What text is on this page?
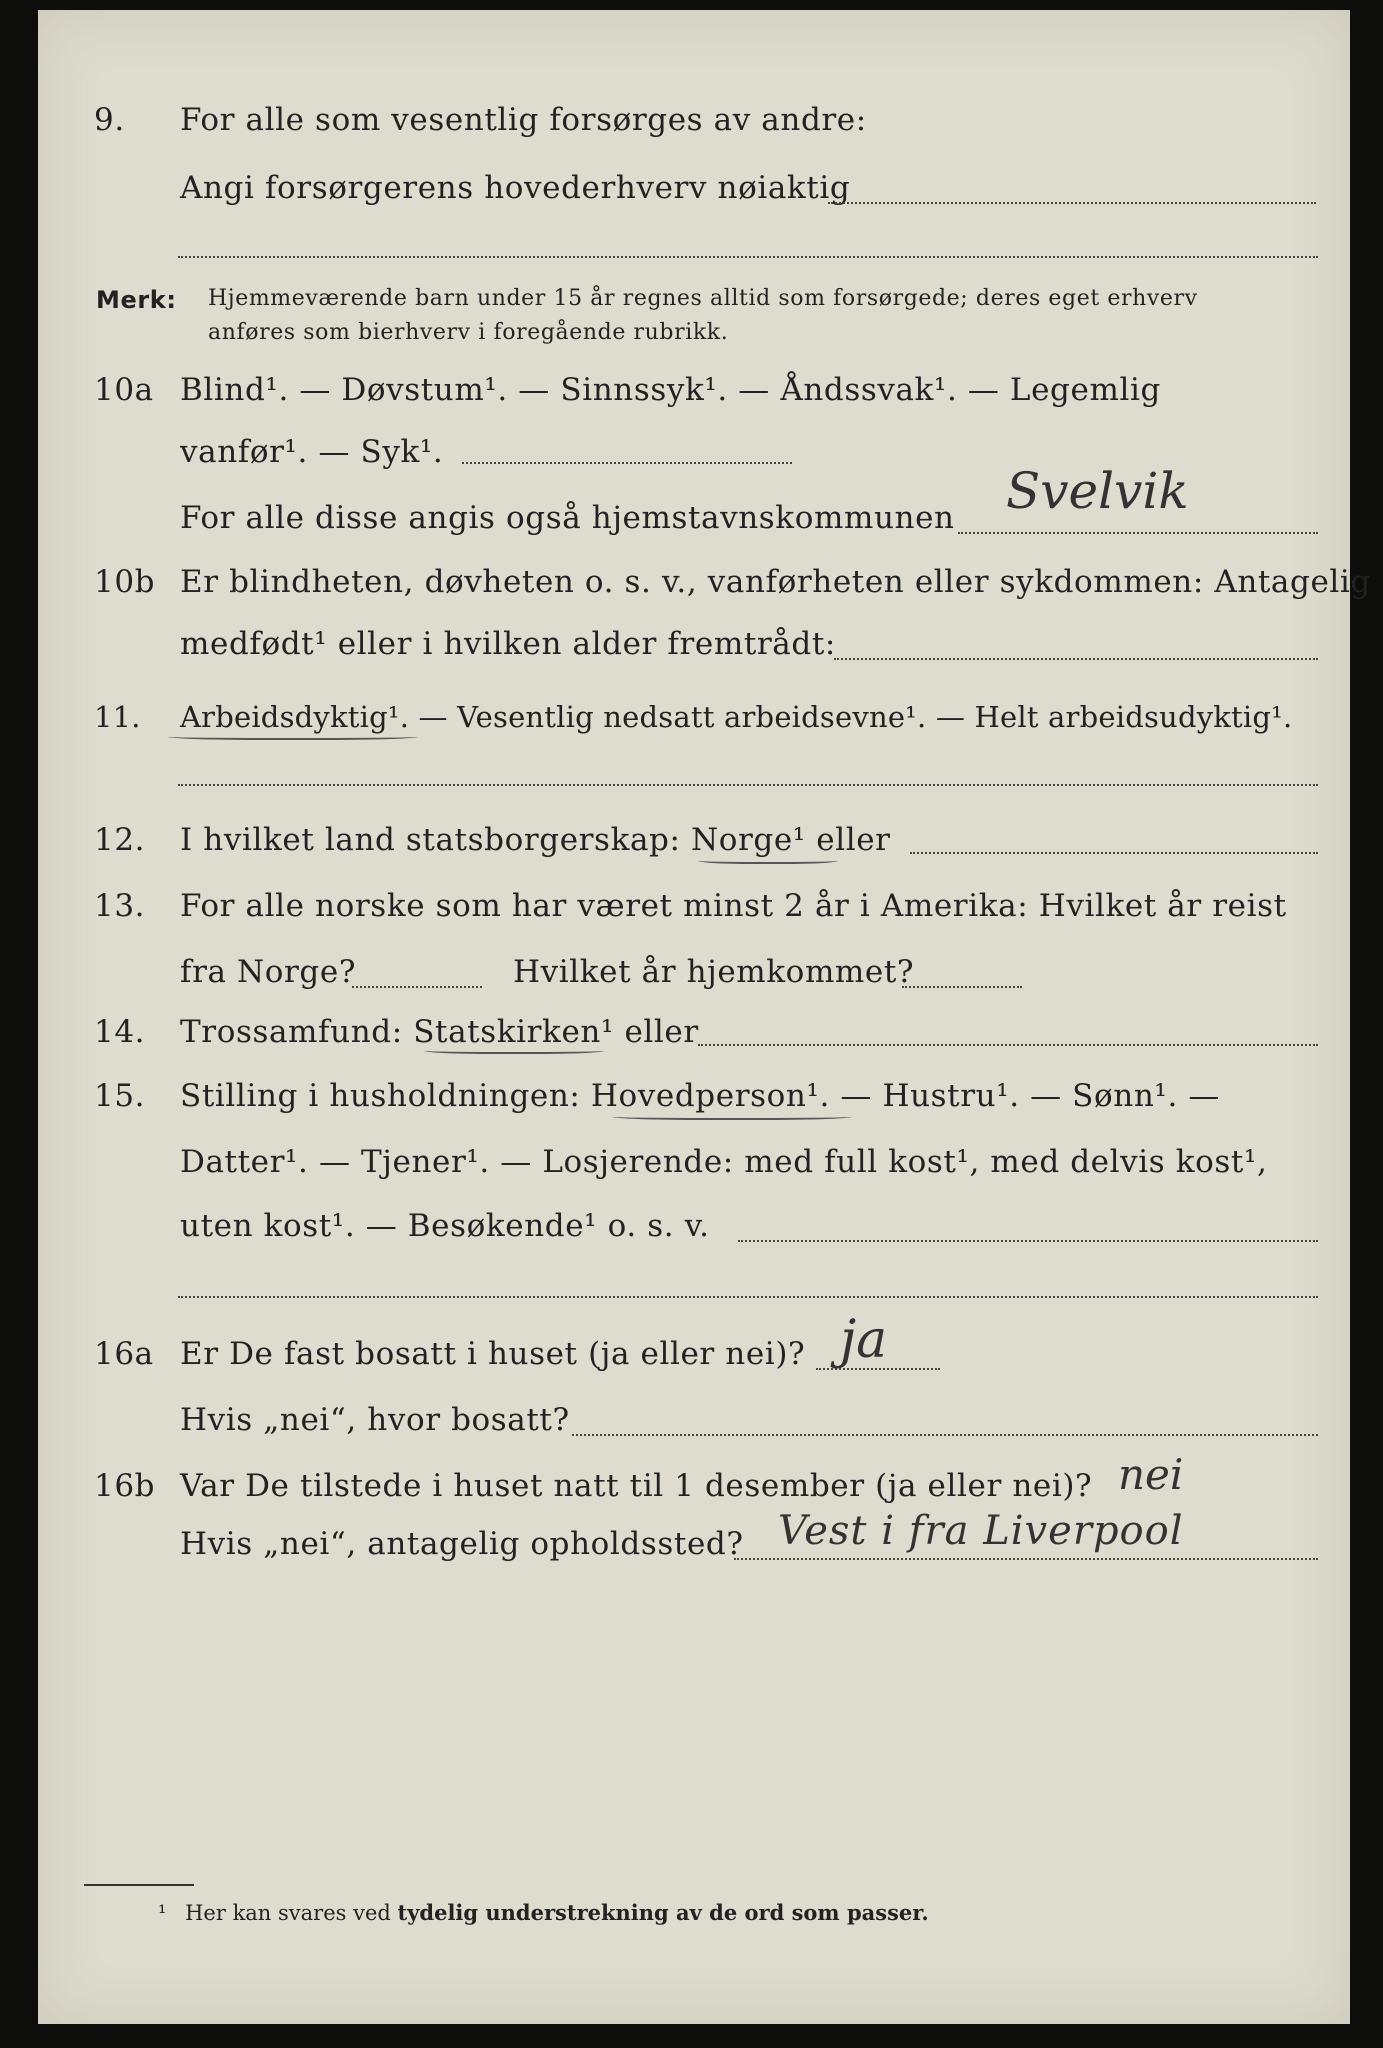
9. For alle som vesentlig forsørges av andre:
Angi forsørgerens hovederhverv nøiaktig
Merk: Hjemmeværende barn under 15 år regnes alltid som forsørgede; deres eget erhverv
anføres som bierhverv i foregående rubrikk.
10a Blind¹. — Døvstum¹. — Sinnssyk¹. — Åndssvak¹. — Legemlig
vanfør¹. — Syk¹.
For alle disse angis også hjemstavnskommunen Svelvik
10b Er blindheten, døvheten o. s. v., vanførheten eller sykdommen: Antagelig
medfødt¹ eller i hvilken alder fremtrådt:
11. Arbeidsdyktig¹. — Vesentlig nedsatt arbeidsevne¹. — Helt arbeidsudyktig¹.
12. I hvilket land statsborgerskap: Norge¹ eller
13. For alle norske som har været minst 2 år i Amerika: Hvilket år reist
fra Norge?	Hvilket år hjemkommet?
14. Trossamfund: Statskirken¹ eller
15. Stilling i husholdningen: Hovedperson¹. — Hustru¹. — Sønn¹. —
Datter¹. — Tjener¹. — Losjerende: med full kost¹, med delvis kost¹,
uten kost¹. — Besøkende¹ o. s. v.
16a Er De fast bosatt i huset (ja eller nei)? ja
Hvis „nei“, hvor bosatt?
16b Var De tilstede i huset natt til 1 desember (ja eller nei)? nei
Hvis „nei“, antagelig opholdssted? Vest i fra Liverpool
¹ Her kan svares ved tydelig understrekning av de ord som passer.
